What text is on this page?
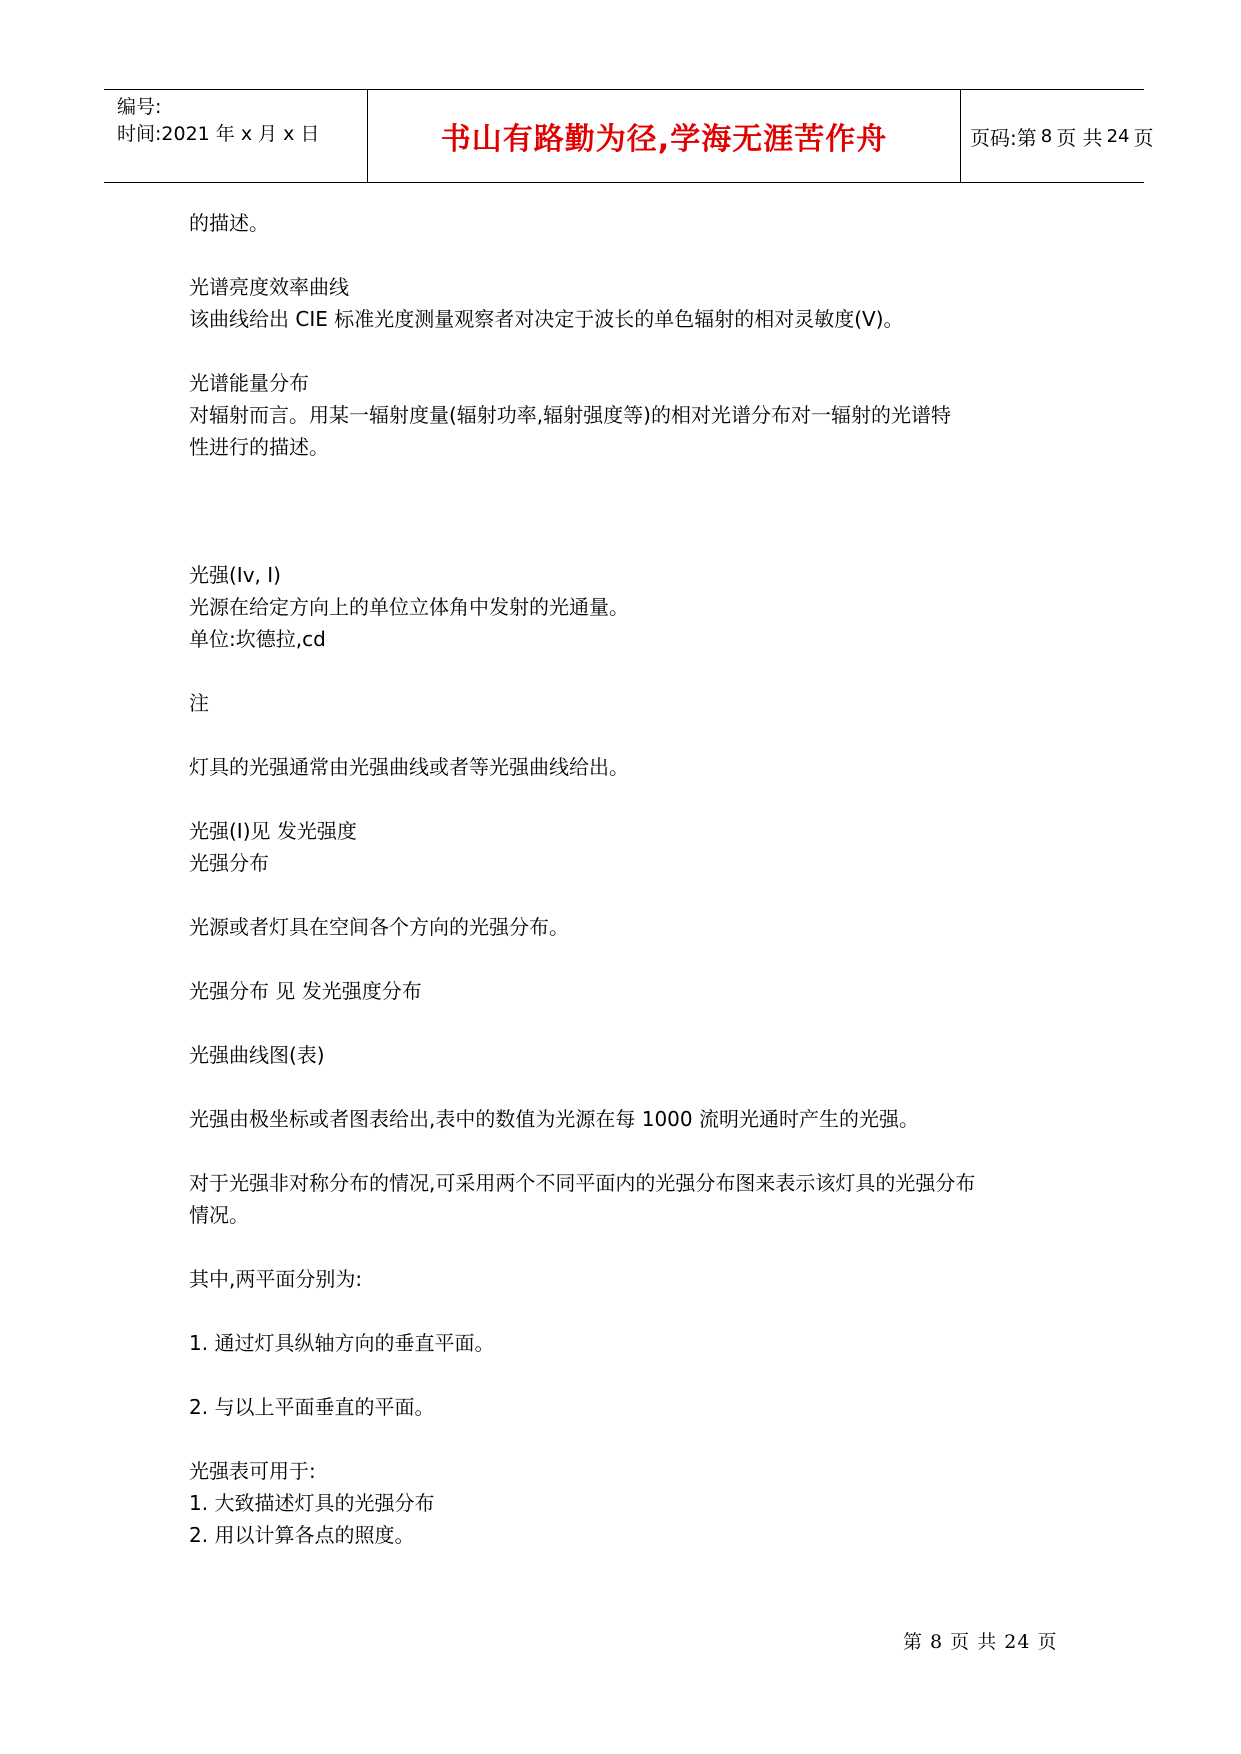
编号:
时间:2021 年 x 月 x 日	书山有路勤为径,学海无涯苦作舟	页码:第 8 页 共 24 页

的描述。

光谱亮度效率曲线

该曲线给出 CIE 标准光度测量观察者对决定于波长的单色辐射的相对灵敏度(V)。

光谱能量分布

对辐射而言。用某一辐射度量(辐射功率,辐射强度等)的相对光谱分布对一辐射的光谱特

性进行的描述。

光强(Iv, I)

光源在给定方向上的单位立体角中发射的光通量。

单位:坎德拉,cd

注

灯具的光强通常由光强曲线或者等光强曲线给出。

光强(I)见 发光强度

光强分布

光源或者灯具在空间各个方向的光强分布。

光强分布 见 发光强度分布

光强曲线图(表)

光强由极坐标或者图表给出,表中的数值为光源在每 1000 流明光通时产生的光强。

对于光强非对称分布的情况,可采用两个不同平面内的光强分布图来表示该灯具的光强分布

情况。

其中,两平面分别为:

1. 通过灯具纵轴方向的垂直平面。

2. 与以上平面垂直的平面。

光强表可用于:

1. 大致描述灯具的光强分布

2. 用以计算各点的照度。

第 8 页 共 24 页
